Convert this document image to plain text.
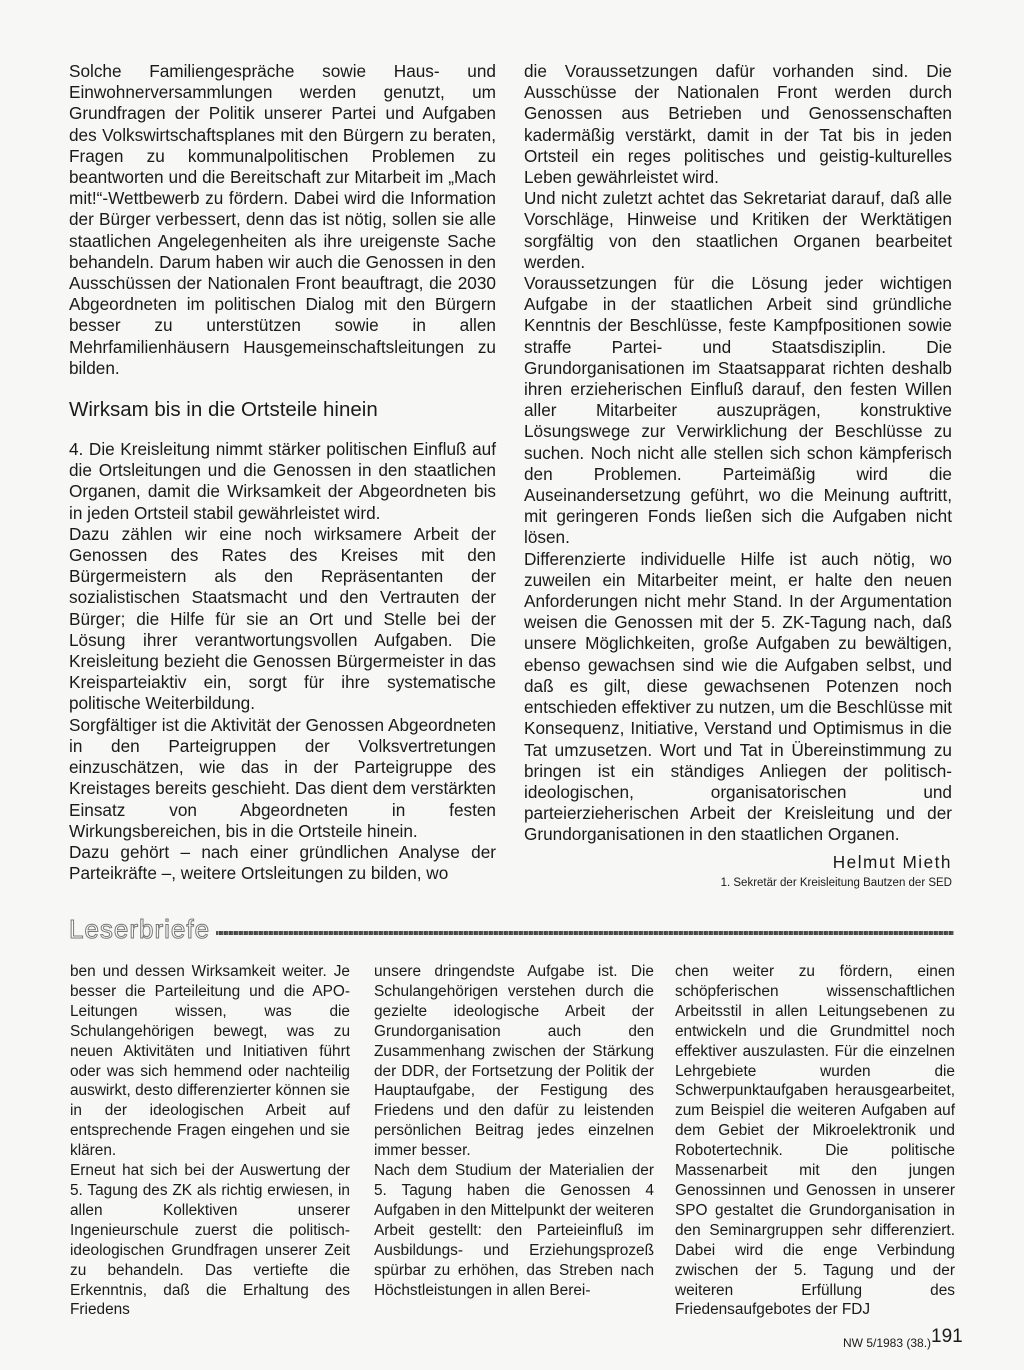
Solche Familiengespräche sowie Haus- und Einwohnerversammlungen werden genutzt, um Grundfragen der Politik unserer Partei und Aufgaben des Volkswirtschaftsplanes mit den Bürgern zu beraten, Fragen zu kommunalpolitischen Problemen zu beantworten und die Bereitschaft zur Mitarbeit im „Mach mit!“-Wettbewerb zu fördern. Dabei wird die Information der Bürger verbessert, denn das ist nötig, sollen sie alle staatlichen Angelegenheiten als ihre ureigenste Sache behandeln. Darum haben wir auch die Genossen in den Ausschüssen der Nationalen Front beauftragt, die 2030 Abgeordneten im politischen Dialog mit den Bürgern besser zu unterstützen sowie in allen Mehrfamilienhäusern Hausgemeinschaftsleitungen zu bilden.

Wirksam bis in die Ortsteile hinein

4. Die Kreisleitung nimmt stärker politischen Einfluß auf die Ortsleitungen und die Genossen in den staatlichen Organen, damit die Wirksamkeit der Abgeordneten bis in jeden Ortsteil stabil gewährleistet wird.

Dazu zählen wir eine noch wirksamere Arbeit der Genossen des Rates des Kreises mit den Bürgermeistern als den Repräsentanten der sozialistischen Staatsmacht und den Vertrauten der Bürger; die Hilfe für sie an Ort und Stelle bei der Lösung ihrer verantwortungsvollen Aufgaben. Die Kreisleitung bezieht die Genossen Bürgermeister in das Kreisparteiaktiv ein, sorgt für ihre systematische politische Weiterbildung.

Sorgfältiger ist die Aktivität der Genossen Abgeordneten in den Parteigruppen der Volksvertretungen einzuschätzen, wie das in der Parteigruppe des Kreistages bereits geschieht. Das dient dem verstärkten Einsatz von Abgeordneten in festen Wirkungsbereichen, bis in die Ortsteile hinein.

Dazu gehört – nach einer gründlichen Analyse der Parteikräfte –, weitere Ortsleitungen zu bilden, wo

die Voraussetzungen dafür vorhanden sind. Die Ausschüsse der Nationalen Front werden durch Genossen aus Betrieben und Genossenschaften kadermäßig verstärkt, damit in der Tat bis in jeden Ortsteil ein reges politisches und geistig-kulturelles Leben gewährleistet wird.

Und nicht zuletzt achtet das Sekretariat darauf, daß alle Vorschläge, Hinweise und Kritiken der Werktätigen sorgfältig von den staatlichen Organen bearbeitet werden.

Voraussetzungen für die Lösung jeder wichtigen Aufgabe in der staatlichen Arbeit sind gründliche Kenntnis der Beschlüsse, feste Kampfpositionen sowie straffe Partei- und Staatsdisziplin. Die Grundorganisationen im Staatsapparat richten deshalb ihren erzieherischen Einfluß darauf, den festen Willen aller Mitarbeiter auszuprägen, konstruktive Lösungswege zur Verwirklichung der Beschlüsse zu suchen. Noch nicht alle stellen sich schon kämpferisch den Problemen. Parteimäßig wird die Auseinandersetzung geführt, wo die Meinung auftritt, mit geringeren Fonds ließen sich die Aufgaben nicht lösen.

Differenzierte individuelle Hilfe ist auch nötig, wo zuweilen ein Mitarbeiter meint, er halte den neuen Anforderungen nicht mehr Stand. In der Argumentation weisen die Genossen mit der 5. ZK-Tagung nach, daß unsere Möglichkeiten, große Aufgaben zu bewältigen, ebenso gewachsen sind wie die Aufgaben selbst, und daß es gilt, diese gewachsenen Potenzen noch entschieden effektiver zu nutzen, um die Beschlüsse mit Konsequenz, Initiative, Verstand und Optimismus in die Tat umzusetzen. Wort und Tat in Übereinstimmung zu bringen ist ein ständiges Anliegen der politisch-ideologischen, organisatorischen und parteierzieherischen Arbeit der Kreisleitung und der Grundorganisationen in den staatlichen Organen.

Helmut Mieth
1. Sekretär der Kreisleitung Bautzen der SED
Leserbriefe

ben und dessen Wirksamkeit weiter. Je besser die Parteileitung und die APO-Leitungen wissen, was die Schulangehörigen bewegt, was zu neuen Aktivitäten und Initiativen führt oder was sich hemmend oder nachteilig auswirkt, desto differenzierter können sie in der ideologischen Arbeit auf entsprechende Fragen eingehen und sie klären.

Erneut hat sich bei der Auswertung der 5. Tagung des ZK als richtig erwiesen, in allen Kollektiven unserer Ingenieurschule zuerst die politisch-ideologischen Grundfragen unserer Zeit zu behandeln. Das vertiefte die Erkenntnis, daß die Erhaltung des Friedens

unsere dringendste Aufgabe ist. Die Schulangehörigen verstehen durch die gezielte ideologische Arbeit der Grundorganisation auch den Zusammenhang zwischen der Stärkung der DDR, der Fortsetzung der Politik der Hauptaufgabe, der Festigung des Friedens und den dafür zu leistenden persönlichen Beitrag jedes einzelnen immer besser.

Nach dem Studium der Materialien der 5. Tagung haben die Genossen 4 Aufgaben in den Mittelpunkt der weiteren Arbeit gestellt: den Parteieinfluß im Ausbildungs- und Erziehungsprozeß spürbar zu erhöhen, das Streben nach Höchstleistungen in allen Berei-

chen weiter zu fördern, einen schöpferischen wissenschaftlichen Arbeitsstil in allen Leitungsebenen zu entwickeln und die Grundmittel noch effektiver auszulasten. Für die einzelnen Lehrgebiete wurden die Schwerpunktaufgaben herausgearbeitet, zum Beispiel die weiteren Aufgaben auf dem Gebiet der Mikroelektronik und Robotertechnik. Die politische Massenarbeit mit den jungen Genossinnen und Genossen in unserer SPO gestaltet die Grundorganisation in den Seminargruppen sehr differenziert. Dabei wird die enge Verbindung zwischen der 5. Tagung und der weiteren Erfüllung des Friedensaufgebotes der FDJ

NW 5/1983 (38.) 191
